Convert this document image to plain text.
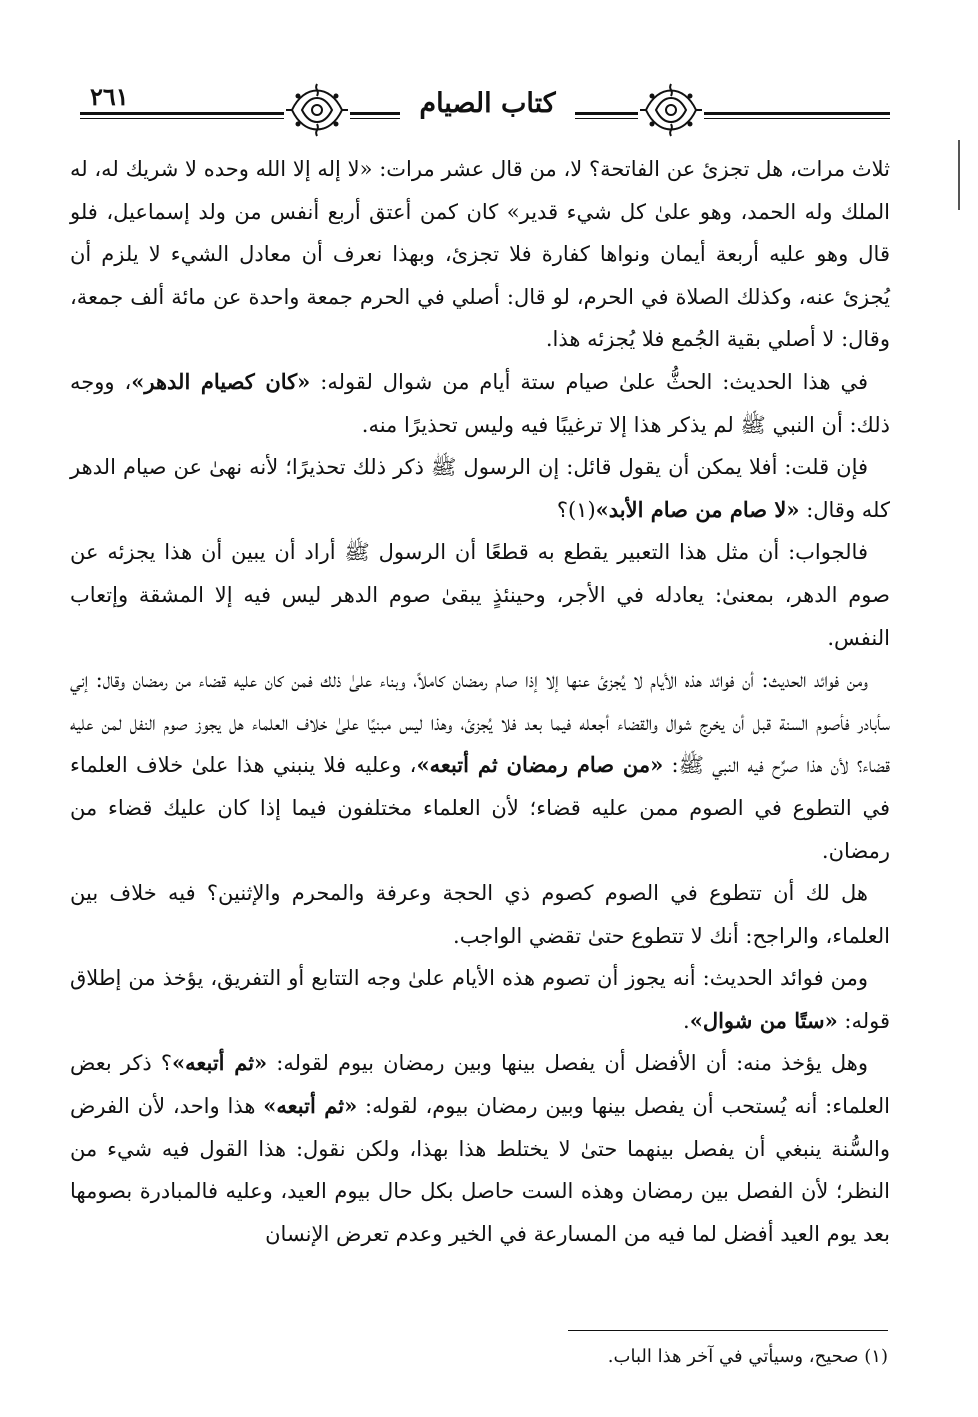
٢٦١	كتاب الصيام

ثلاث مرات، هل تجزئ عن الفاتحة؟ لا، من قال عشر مرات: «لا إله إلا الله وحده لا شريك له، له الملك وله الحمد، وهو علىٰ كل شيء قدير» كان كمن أعتق أربع أنفس من ولد إسماعيل، فلو قال وهو عليه أربعة أيمان ونواها كفارة فلا تجزئ، وبهذا نعرف أن معادل الشيء لا يلزم أن يُجزئ عنه، وكذلك الصلاة في الحرم، لو قال: أصلي في الحرم جمعة واحدة عن مائة ألف جمعة، وقال: لا أصلي بقية الجُمع فلا يُجزئه هذا.

في هذا الحديث: الحثُّ علىٰ صيام ستة أيام من شوال لقوله: «كان كصيام الدهر»، ووجه ذلك: أن النبي ﷺ لم يذكر هذا إلا ترغيبًا فيه وليس تحذيرًا منه.

فإن قلت: أفلا يمكن أن يقول قائل: إن الرسول ﷺ ذكر ذلك تحذيرًا؛ لأنه نهىٰ عن صيام الدهر كله وقال: «لا صام من صام الأبد»(١)؟

فالجواب: أن مثل هذا التعبير يقطع به قطعًا أن الرسول ﷺ أراد أن يبين أن هذا يجزئه عن صوم الدهر، بمعنىٰ: يعادله في الأجر، وحينئذٍ يبقىٰ صوم الدهر ليس فيه إلا المشقة وإتعاب النفس.

ومن فوائد الحديث: أن فوائد هذه الأيام لا يُجزئ عنها إلا إذا صام رمضان كاملاً، وبناء علىٰ ذلك فمن كان عليه قضاء من رمضان وقال: إني سأبادر فأصوم السنة قبل أن يخرج شوال والقضاء أجعله فيما بعد فلا يُجزئ، وهذا ليس مبنيًا علىٰ خلاف العلماء هل يجوز صوم النفل لمن عليه قضاء؟ لأن هذا صرِّح فيه النبي ﷺ: «من صام رمضان ثم أتبعه»، وعليه فلا ينبني هذا علىٰ خلاف العلماء في التطوع في الصوم ممن عليه قضاء؛ لأن العلماء مختلفون فيما إذا كان عليك قضاء من رمضان.

هل لك أن تتطوع في الصوم كصوم ذي الحجة وعرفة والمحرم والإثنين؟ فيه خلاف بين العلماء، والراجح: أنك لا تتطوع حتىٰ تقضي الواجب.

ومن فوائد الحديث: أنه يجوز أن تصوم هذه الأيام علىٰ وجه التتابع أو التفريق، يؤخذ من إطلاق قوله: «ستًا من شوال».

وهل يؤخذ منه: أن الأفضل أن يفصل بينها وبين رمضان بيوم لقوله: «ثم أتبعه»؟ ذكر بعض العلماء: أنه يُستحب أن يفصل بينها وبين رمضان بيوم، لقوله: «ثم أتبعه» هذا واحد، لأن الفرض والسُّنة ينبغي أن يفصل بينهما حتىٰ لا يختلط هذا بهذا، ولكن نقول: هذا القول فيه شيء من النظر؛ لأن الفصل بين رمضان وهذه الست حاصل بكل حال بيوم العيد، وعليه فالمبادرة بصومها بعد يوم العيد أفضل لما فيه من المسارعة في الخير وعدم تعرض الإنسان

(١) صحيح، وسيأتي في آخر هذا الباب.
